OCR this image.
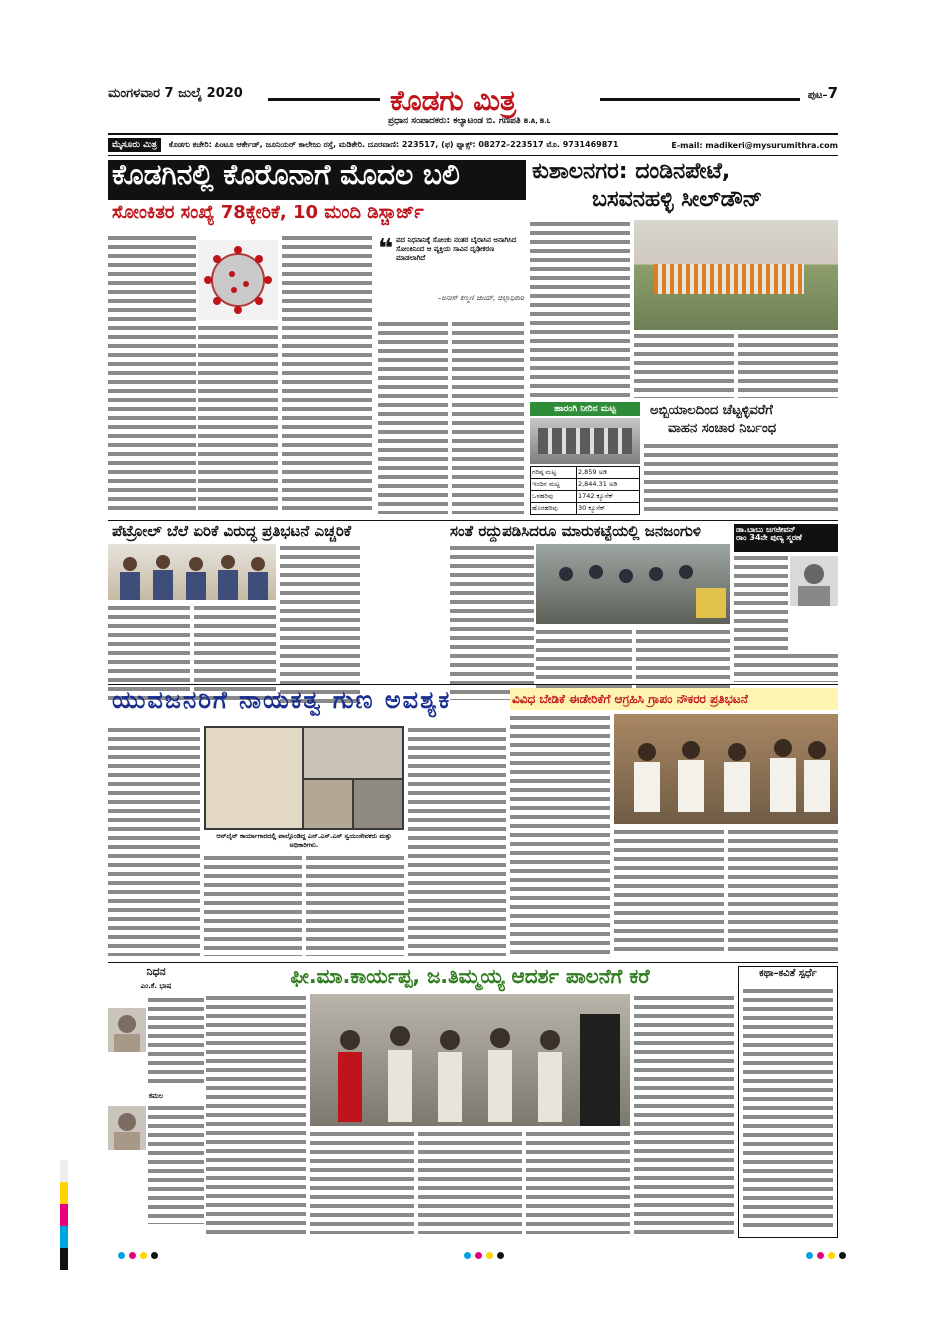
ಮಂಗಳವಾರ 7 ಜುಲೈ 2020	ಕೊಡಗು ಮಿತ್ರ	ಪುಟ–7
ಪ್ರಧಾನ ಸಂಪಾದಕರು: ಕಲ್ಯಾಟಂಡ ಬಿ. ಗಣಪತಿ B.A, B.L
ಮೈಸೂರು ಮಿತ್ರ	ಕೊಡಗು ಕಚೇರಿ: ಪಿಂಟೂ ಆರ್ಕೇಡ್, ಜೂನಿಯರ್ ಕಾಲೇಜು ರಸ್ತೆ, ಮಡಿಕೇರಿ. ದೂರವಾಣಿ: 223517, (ಫ) ಫ್ಯಾಕ್ಸ್: 08272–223517 ಮೊ. 9731469871	E-mail: madikeri@mysurumithra.com
ಕೊಡಗಿನಲ್ಲಿ ಕೊರೊನಾಗೆ ಮೊದಲ ಬಲಿ
ಸೋಂಕಿತರ ಸಂಖ್ಯೆ 78ಕ್ಕೇರಿಕೆ, 10 ಮಂದಿ ಡಿಸ್ಚಾರ್ಜ್
❝ ಪದ ನಿಧನಾನಿಕ್ಕೆ ಸೋಂಕು ನಂತರ ಬೈರಾಸಿನ ಅನಾಗಿಸಿದ ಸೋಂಕಿನಿಂದ ಆ ವ್ಯಕ್ತಿಯ ಸಾವಿನ ದೃಢೀಕರಣ ಮಾಡಲಾಗಿದೆ
–ಅನೀಸ್ ಕಣ್ಮಣಿ ಜಾಯ್, ಜಿಲ್ಲಾಧಿಕಾರಿ
ಕುಶಾಲನಗರ: ದಂಡಿನಪೇಟೆ,
ಬಸವನಹಳ್ಳಿ ಸೀಲ್‌ಡೌನ್
ಹಾರಂಗಿ ನೀರಿನ ಮಟ್ಟ
ಗರಿಷ್ಠ ಮಟ್ಟ	2,859 ಅಡಿ
ಇಂದಿನ ಮಟ್ಟ	2,844.31 ಅಡಿ
ಒಳಹರಿವು	1742 ಕ್ಯೂಸೆಕ್
ಹೊರಹರಿವು	30 ಕ್ಯೂಸೆಕ್
ಅಬ್ಬಿಯಾಲದಿಂದ ಚೆಟ್ಟಳ್ಳಿವರೆಗೆ
ವಾಹನ ಸಂಚಾರ ನಿರ್ಬಂಧ
ಪೆಟ್ರೋಲ್ ಬೆಲೆ ಏರಿಕೆ ವಿರುದ್ಧ ಪ್ರತಿಭಟನೆ ಎಚ್ಚರಿಕೆ	ಸಂತೆ ರದ್ದುಪಡಿಸಿದರೂ ಮಾರುಕಟ್ಟೆಯಲ್ಲಿ ಜನಜಂಗುಳಿ	ಡಾ.ಬಾಬು ಜಗಜೀವನ್
ರಾಂ 34ನೇ ಪುಣ್ಯ ಸ್ಮರಣೆ
ಯುವಜನರಿಗೆ ನಾಯಕತ್ವ ಗುಣ ಅವಶ್ಯಕ
ಆನ್‌ಲೈನ್ ಕಾರ್ಯಾಗಾರದಲ್ಲಿ ಪಾಲ್ಗೊಂಡಿದ್ದ ಎನ್.ಎಸ್.ಎಸ್ ಸ್ವಯಂಸೇವಕರು ಮತ್ತು ಅಧಿಕಾರಿಗಳು.
ವಿವಿಧ ಬೇಡಿಕೆ ಈಡೇರಿಕೆಗೆ ಆಗ್ರಹಿಸಿ ಗ್ರಾಪಂ ನೌಕರರ ಪ್ರತಿಭಟನೆ
ನಿಧನ
ಎಂ.ಕೆ. ಭಾಷ
ಕಮಲ
ಫೀ.ಮಾ.ಕಾರ್ಯಪ್ಪ, ಜ.ತಿಮ್ಮಯ್ಯ ಆದರ್ಶ ಪಾಲನೆಗೆ ಕರೆ	ಕಥಾ–ಕವಿತೆ ಸ್ಪರ್ಧೆ
